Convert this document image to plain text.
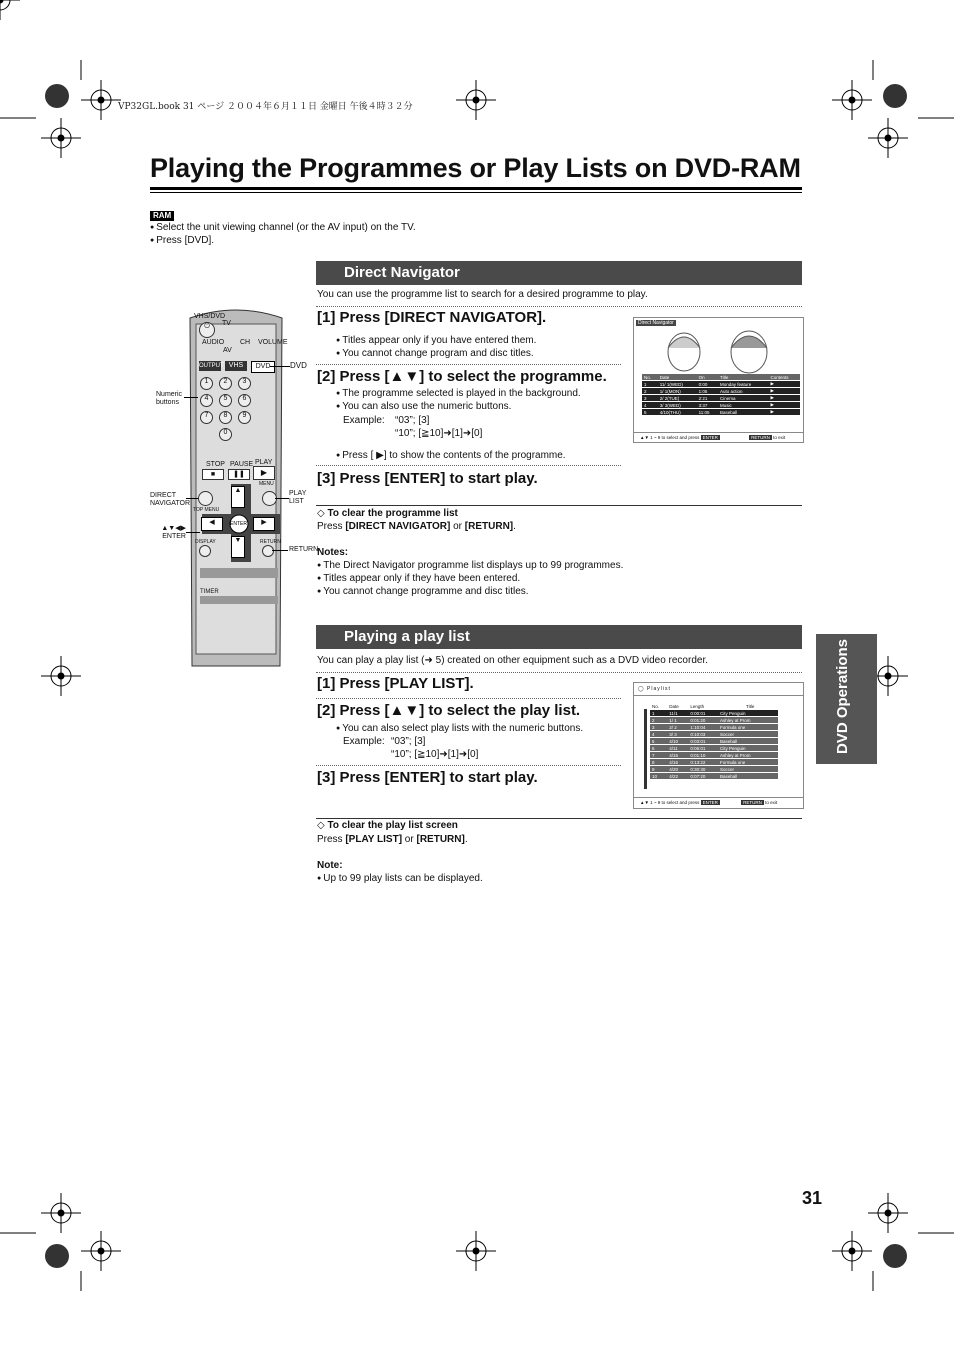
VP32GL.book 31 ページ ２００４年６月１１日 金曜日 午後４時３２分
Playing the Programmes or Play Lists on DVD-RAM
RAM
● Select the unit viewing channel (or the AV input) on the TV.
● Press [DVD].
VHS/DVD
TV
⏻
AUDIO CH VOLUME
AV
OUTPUT VHS	DVD	DVD
1	2	3
4	5	6
7	8	9
0
Numeric buttons
STOP PAUSE PLAY
■	❚❚	▶
DIRECT NAVIGATOR
PLAY LIST
TOP MENU
MENU
▲
▼
◀	▶
ENTER
▲▼◀▶ ENTER
DISPLAY	RETURN
RETURN
TIMER
Direct Navigator
You can use the programme list to search for a desired programme to play.
[1] Press [DIRECT NAVIGATOR].
● Titles appear only if you have entered them.
● You cannot change program and disc titles.
[2] Press [▲▼] to select the programme.
● The programme selected is played in the background.
● You can also use the numeric buttons.
Example: “03”; [3]
“10”; [≧10]➜[1]➜[0]
● Press [ ▶] to show the contents of the programme.
[3] Press [ENTER] to start play.
◇ To clear the programme list
Press [DIRECT NAVIGATOR] or [RETURN].
Notes:
● The Direct Navigator programme list displays up to 99 programmes.
● Titles appear only if they have been entered.
● You cannot change programme and disc titles.
Direct Navigator
No.	Date	On	Title	Contents
1	11/ 1(WED)	0:00	Monday feature	▶
2	1/ 1(MON)	1:05	Auto action	▶
3	2/ 2(TUE)	2:21	Cinema	▶
4	3/ 3(WED)	3:37	Music	▶
5	4/10(THU)	11:05	Baseball	▶
▲▼ 1 ~ 9 to select and press ENTER	RETURN to exit
Playing a play list
You can play a play list (➜ 5) created on other equipment such as a DVD video recorder.
[1] Press [PLAY LIST].
[2] Press [▲▼] to select the play list.
● You can also select play lists with the numeric buttons.
Example: “03”; [3]
“10”; [≧10]➜[1]➜[0]
[3] Press [ENTER] to start play.
◇ To clear the play list screen
Press [PLAY LIST] or [RETURN].
Note:
● Up to 99 play lists can be displayed.
◯ Playlist
No.	Date	Length	Title
1	11/1	0:00:01	City Penguin
2	1/ 1	0:01:20	Ashley at Prom
3	2/ 2	1:10:04	Formula one
4	3/ 3	0:10:03	Soccer
5	4/10	0:03:01	Baseball
6	4/11	0:06:01	City Penguin
7	4/15	0:01:10	Ashley at Prom
8	4/16	0:13:22	Formula one
9	4/20	0:30:30	Soccer
10	4/22	0:07:20	Baseball
▲▼ 1 ~ 9 to select and press ENTER	RETURN to exit
DVD Operations
31
